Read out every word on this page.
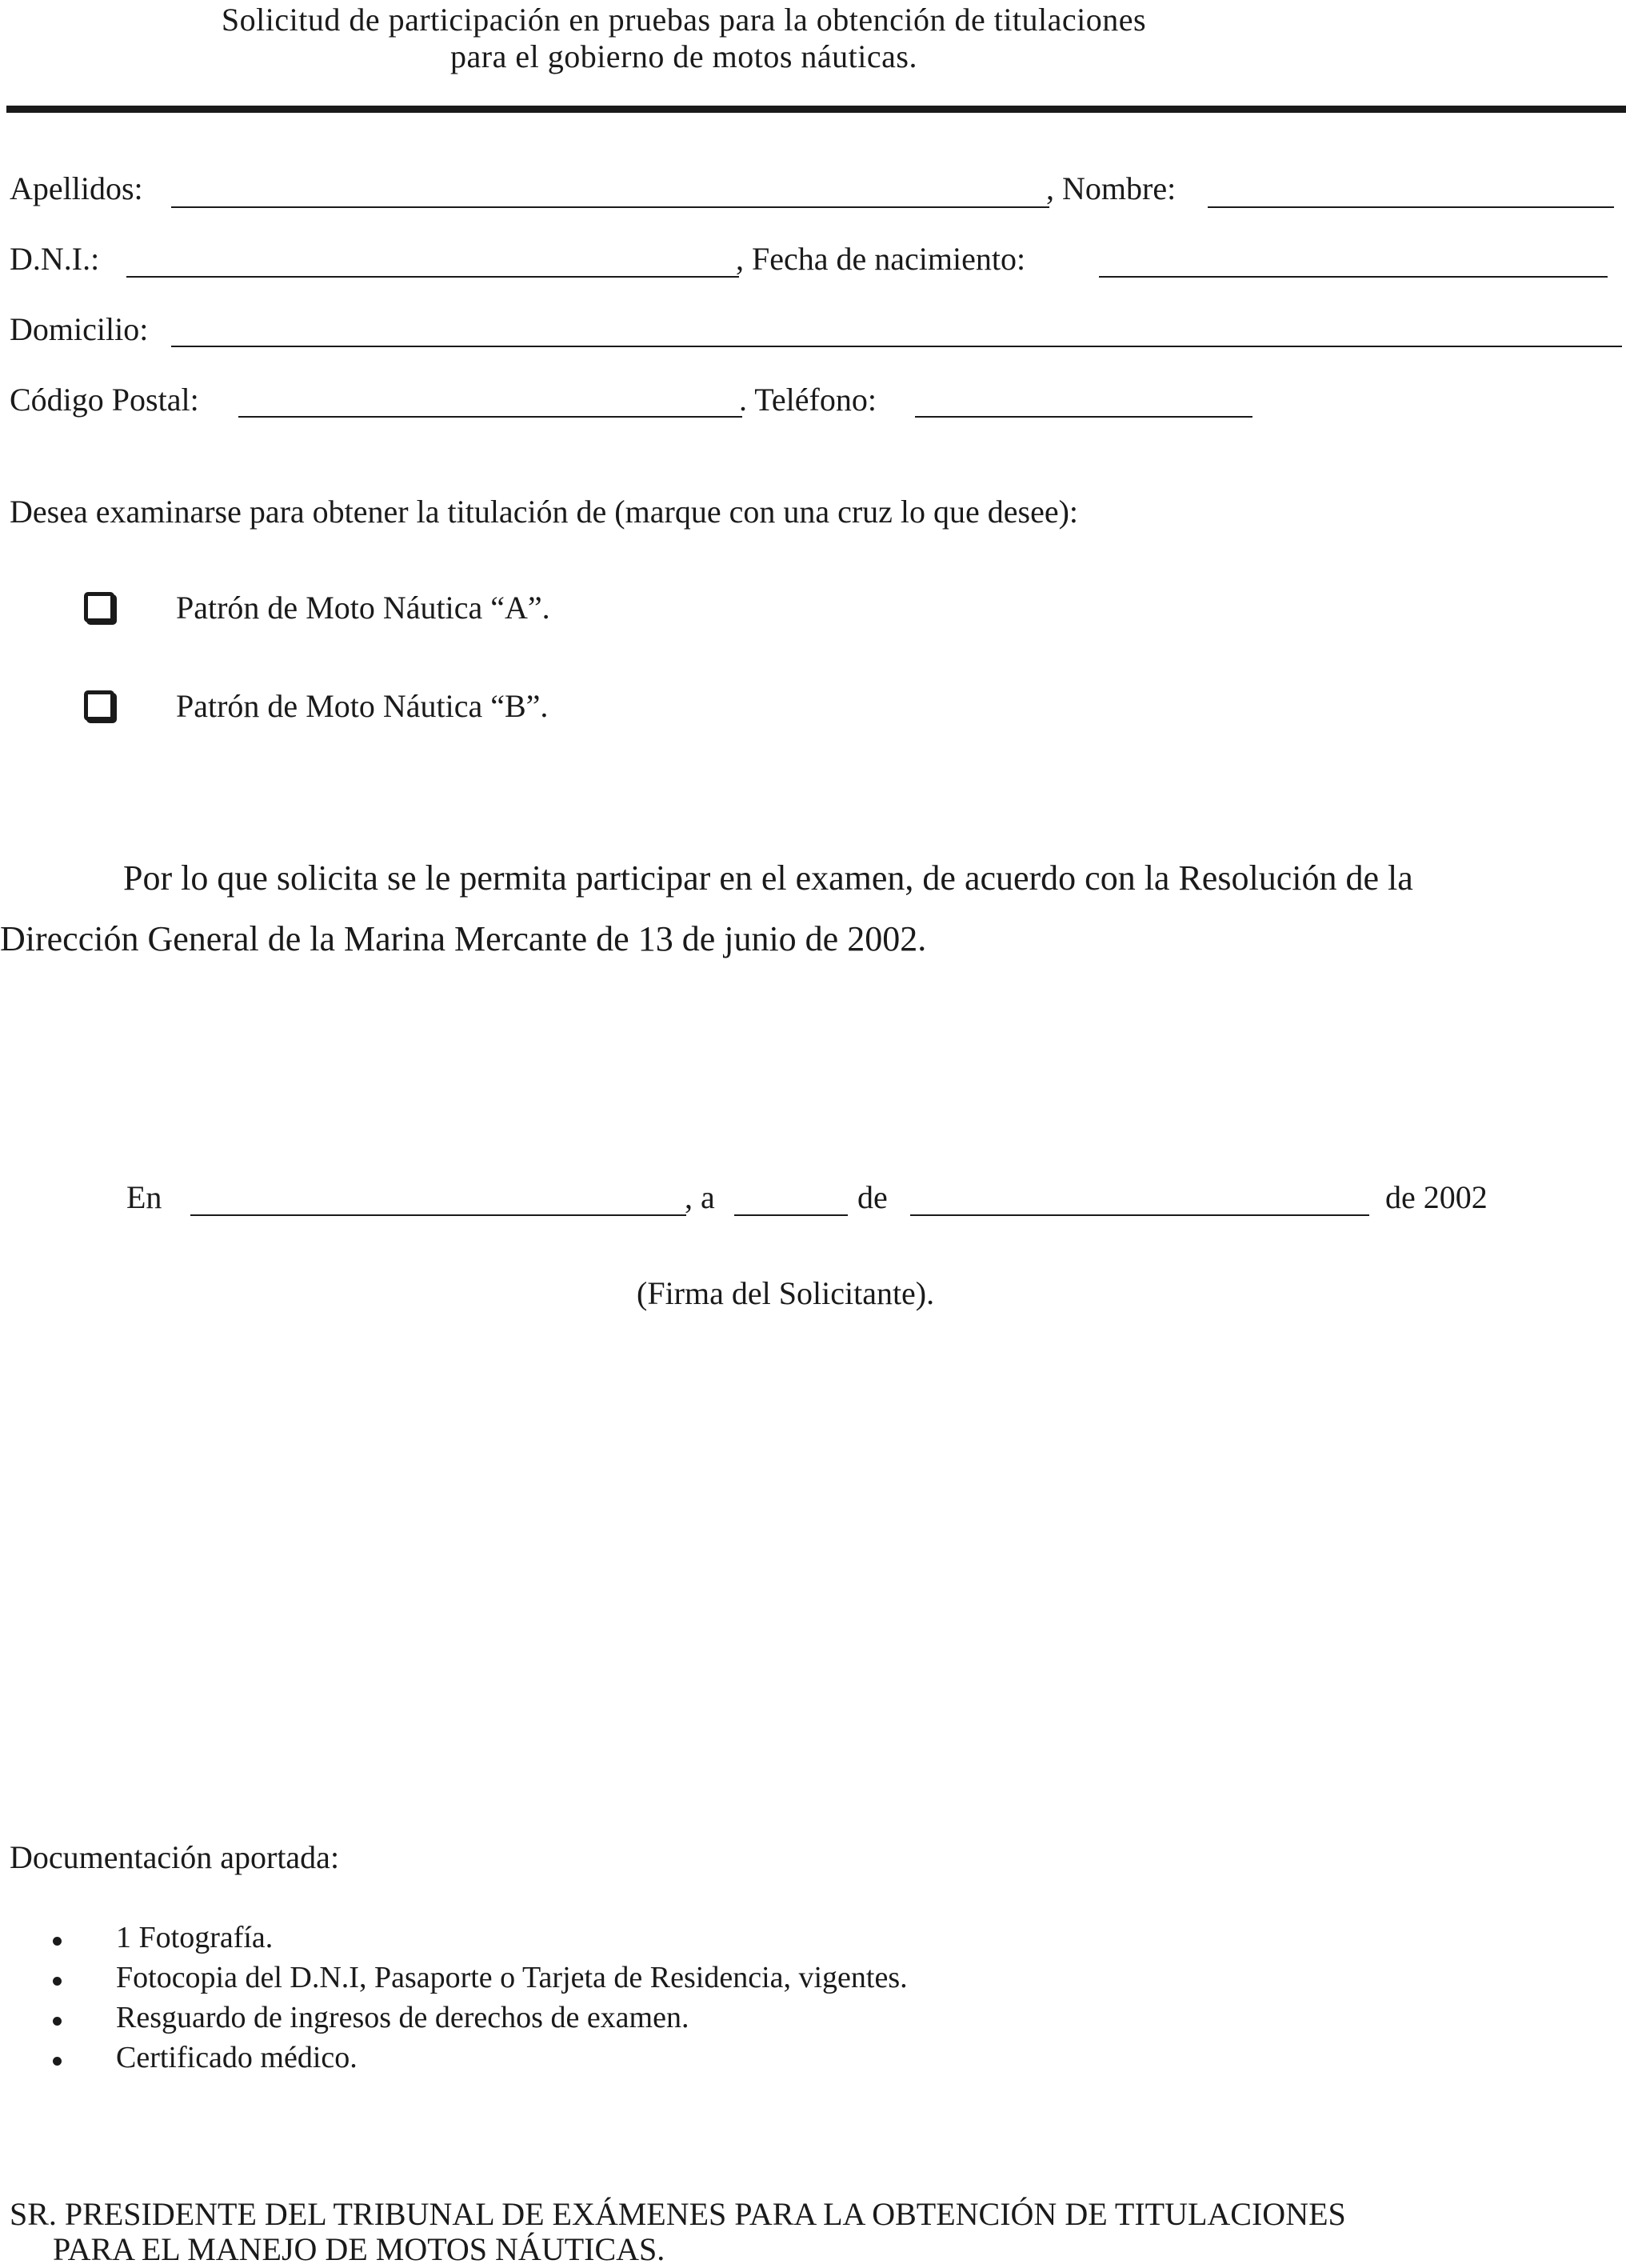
Solicitud de participación en pruebas para la obtención de titulaciones
para el gobierno de motos náuticas.
Apellidos:	, Nombre:
D.N.I.:	, Fecha de nacimiento:
Domicilio:
Código Postal:	. Teléfono:
Desea examinarse para obtener la titulación de (marque con una cruz lo que desee):
Patrón de Moto Náutica “A”.
Patrón de Moto Náutica “B”.
Por lo que solicita se le permita participar en el examen, de acuerdo con la Resolución de la
Dirección General de la Marina Mercante de 13 de junio de 2002.
En	, a	de	de 2002
(Firma del Solicitante).
Documentación aportada:
1 Fotografía.
Fotocopia del D.N.I, Pasaporte o Tarjeta de Residencia, vigentes.
Resguardo de ingresos de derechos de examen.
Certificado médico.
SR. PRESIDENTE DEL TRIBUNAL DE EXÁMENES PARA LA OBTENCIÓN DE TITULACIONES
PARA EL MANEJO DE MOTOS NÁUTICAS.
